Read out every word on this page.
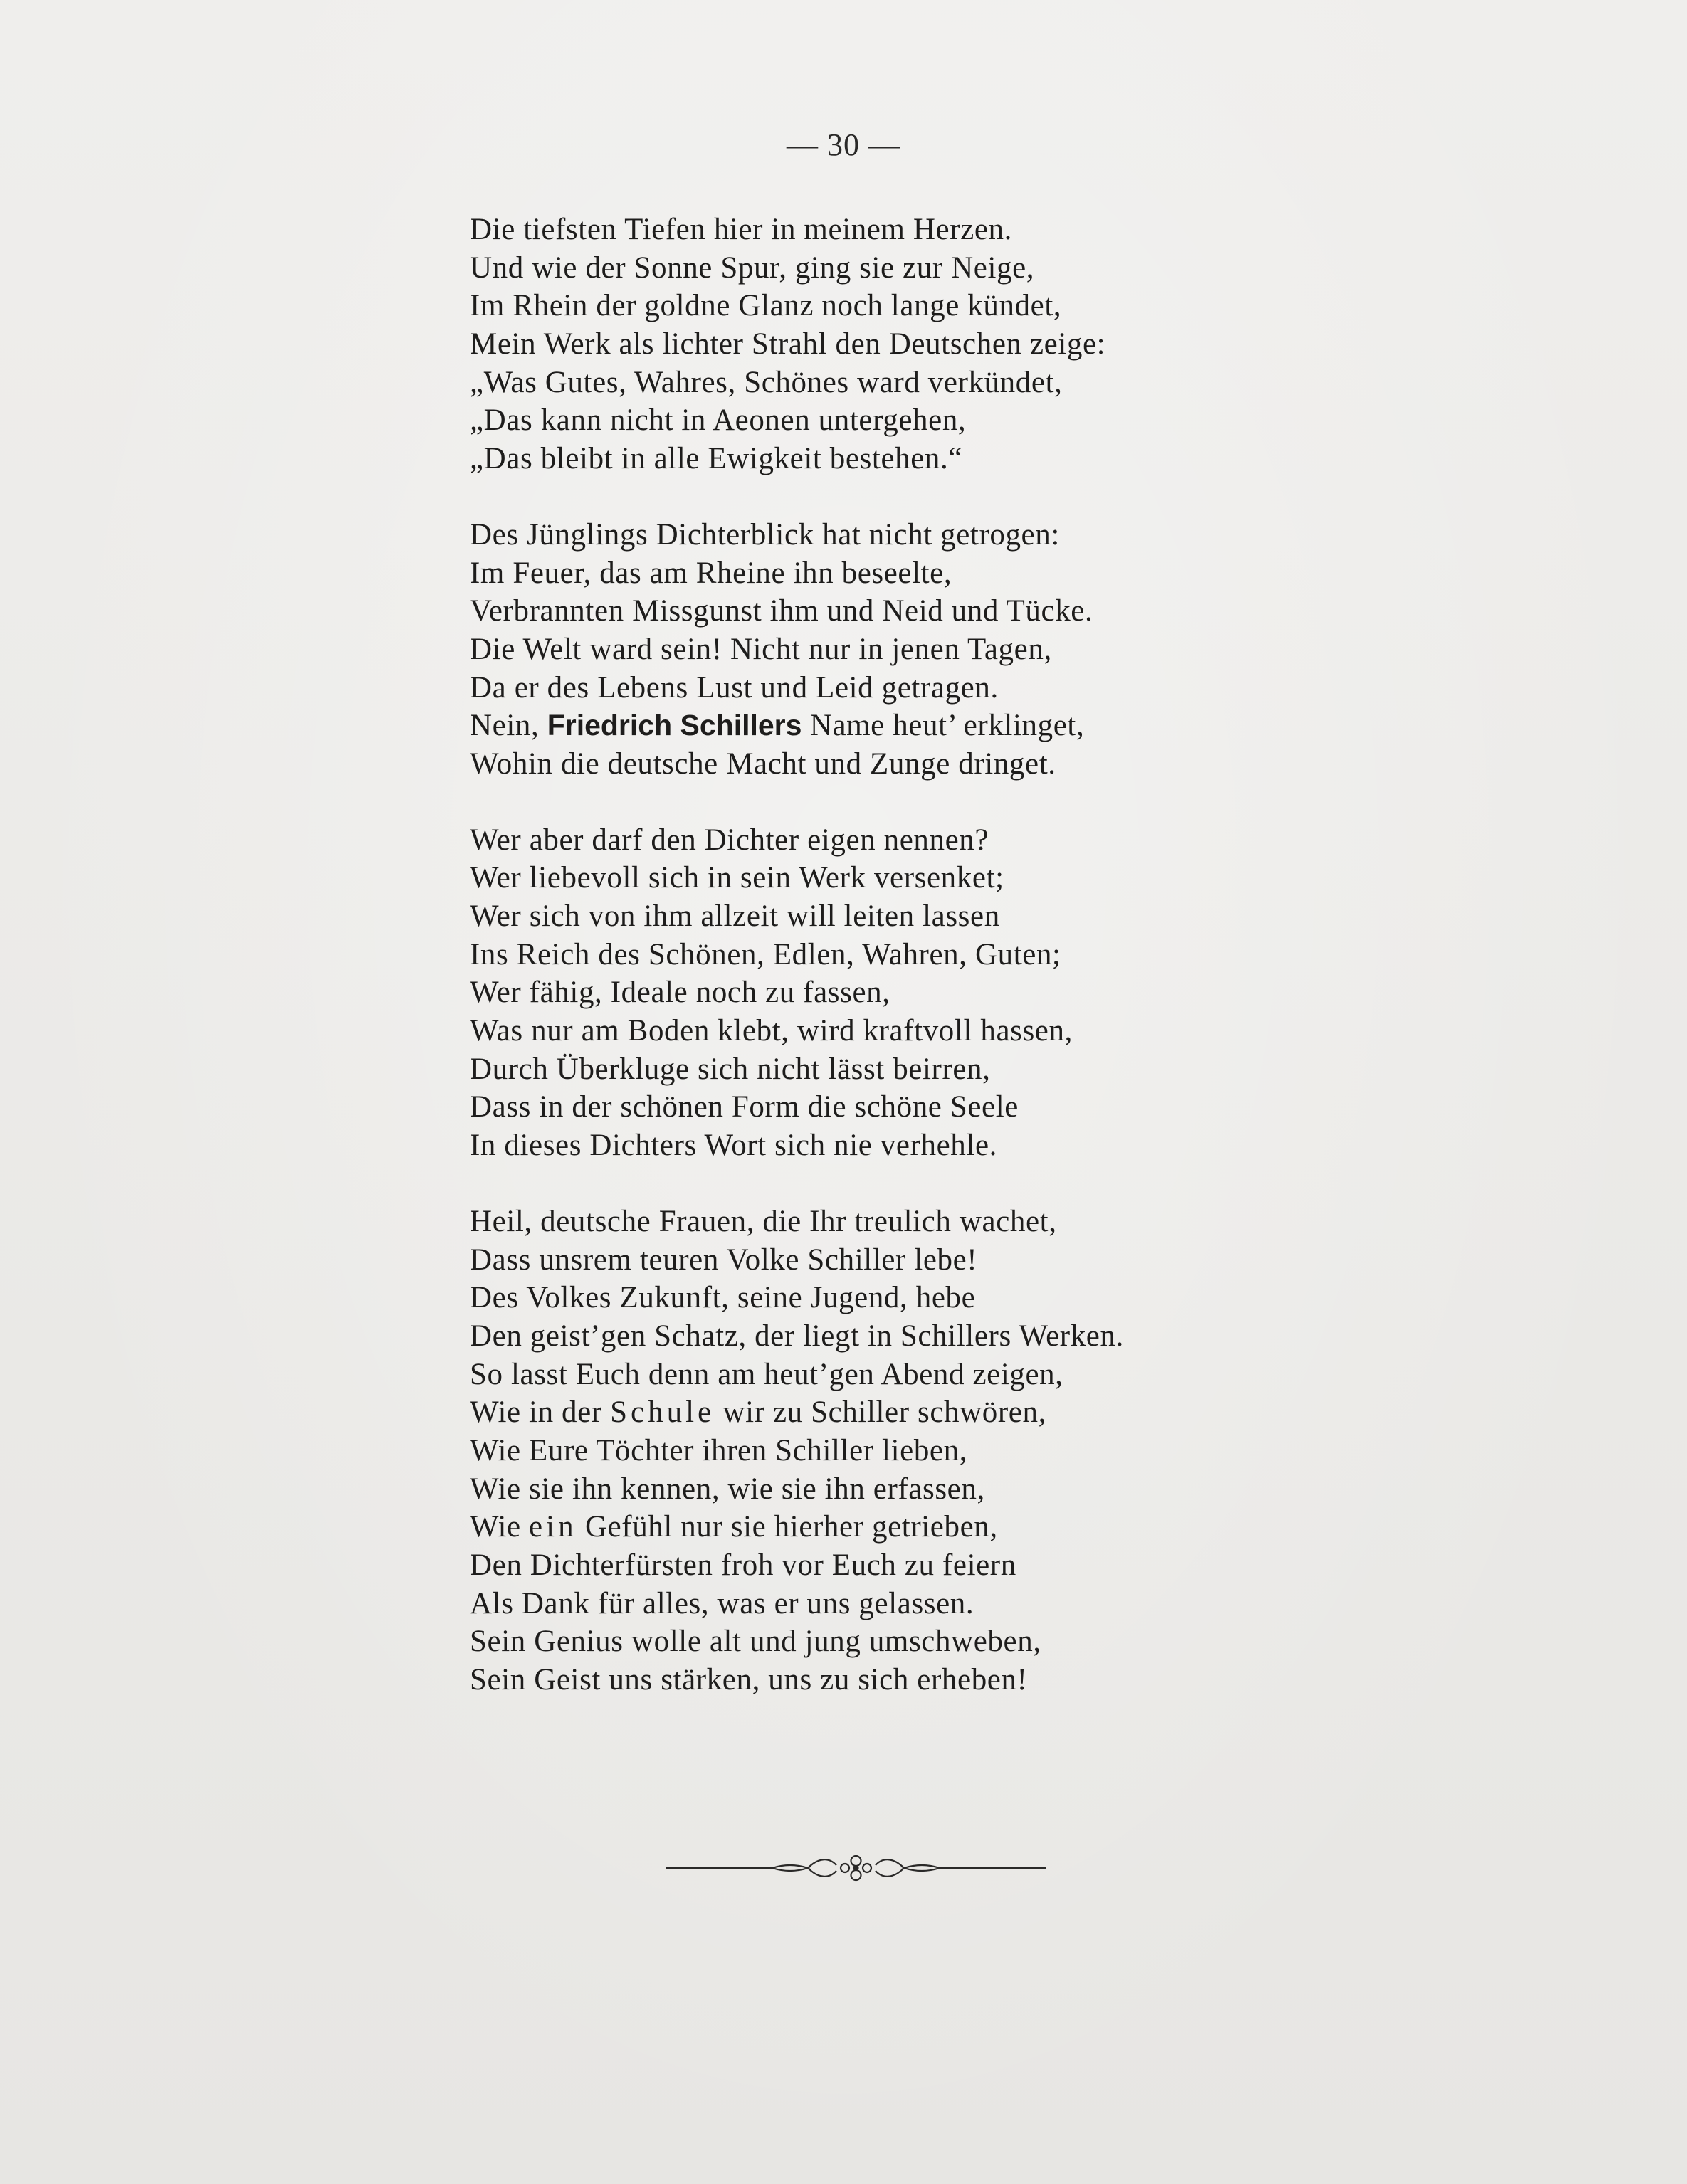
— 30 —
Die tiefsten Tiefen hier in meinem Herzen.
Und wie der Sonne Spur, ging sie zur Neige,
Im Rhein der goldne Glanz noch lange kündet,
Mein Werk als lichter Strahl den Deutschen zeige:
„Was Gutes, Wahres, Schönes ward verkündet,
„Das kann nicht in Aeonen untergehen,
„Das bleibt in alle Ewigkeit bestehen.“
Des Jünglings Dichterblick hat nicht getrogen:
Im Feuer, das am Rheine ihn beseelte,
Verbrannten Missgunst ihm und Neid und Tücke.
Die Welt ward sein! Nicht nur in jenen Tagen,
Da er des Lebens Lust und Leid getragen.
Nein, Friedrich Schillers Name heut’ erklinget,
Wohin die deutsche Macht und Zunge dringet.
Wer aber darf den Dichter eigen nennen?
Wer liebevoll sich in sein Werk versenket;
Wer sich von ihm allzeit will leiten lassen
Ins Reich des Schönen, Edlen, Wahren, Guten;
Wer fähig, Ideale noch zu fassen,
Was nur am Boden klebt, wird kraftvoll hassen,
Durch Überkluge sich nicht lässt beirren,
Dass in der schönen Form die schöne Seele
In dieses Dichters Wort sich nie verhehle.
Heil, deutsche Frauen, die Ihr treulich wachet,
Dass unsrem teuren Volke Schiller lebe!
Des Volkes Zukunft, seine Jugend, hebe
Den geist’gen Schatz, der liegt in Schillers Werken.
So lasst Euch denn am heut’gen Abend zeigen,
Wie in der Schule wir zu Schiller schwören,
Wie Eure Töchter ihren Schiller lieben,
Wie sie ihn kennen, wie sie ihn erfassen,
Wie ein Gefühl nur sie hierher getrieben,
Den Dichterfürsten froh vor Euch zu feiern
Als Dank für alles, was er uns gelassen.
Sein Genius wolle alt und jung umschweben,
Sein Geist uns stärken, uns zu sich erheben!
